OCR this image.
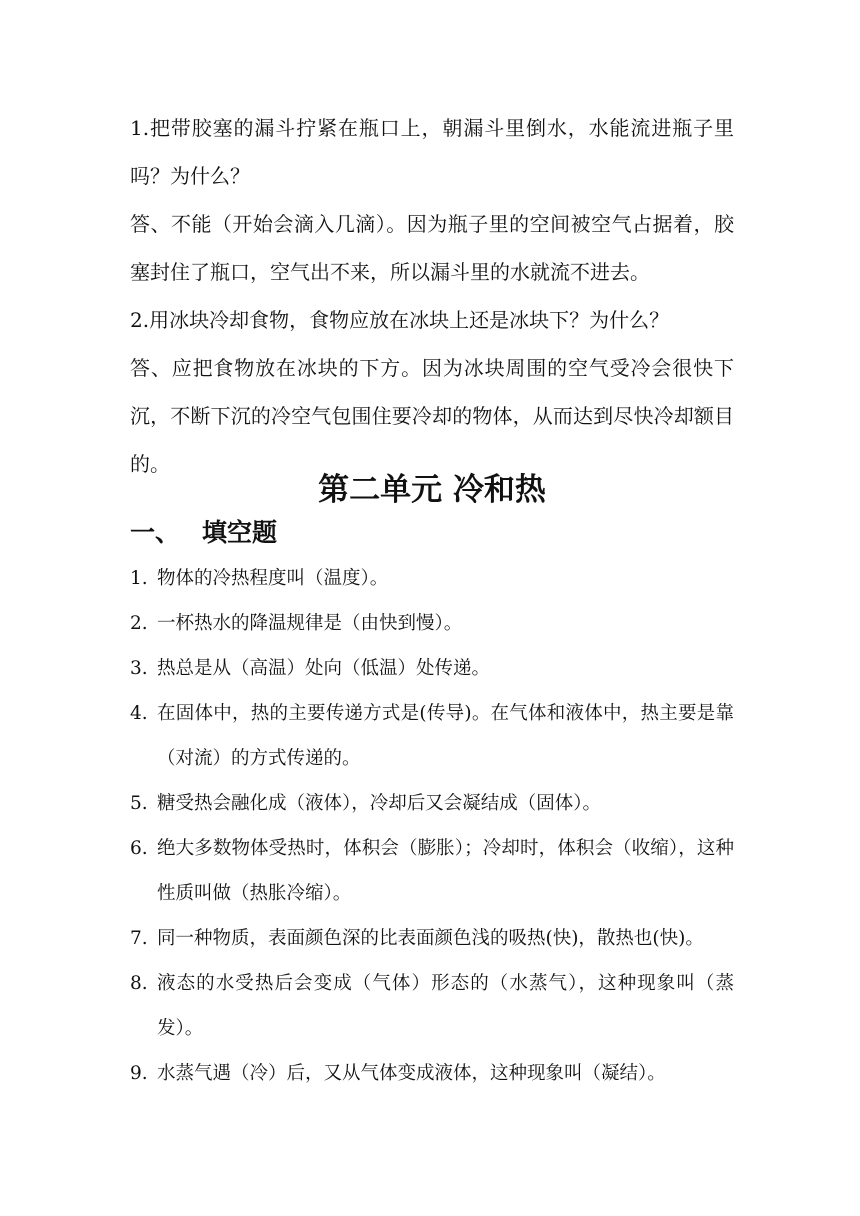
1.把带胶塞的漏斗拧紧在瓶口上，朝漏斗里倒水，水能流进瓶子里吗？为什么？

答、不能（开始会滴入几滴）。因为瓶子里的空间被空气占据着，胶塞封住了瓶口，空气出不来，所以漏斗里的水就流不进去。

2.用冰块冷却食物，食物应放在冰块上还是冰块下？为什么？

答、应把食物放在冰块的下方。因为冰块周围的空气受冷会很快下沉，不断下沉的冷空气包围住要冷却的物体，从而达到尽快冷却额目的。

第二单元 冷和热
一、 填空题
1. 物体的冷热程度叫（温度）。
2. 一杯热水的降温规律是（由快到慢）。
3. 热总是从（高温）处向（低温）处传递。
4. 在固体中，热的主要传递方式是(传导)。在气体和液体中，热主要是靠（对流）的方式传递的。
5. 糖受热会融化成（液体），冷却后又会凝结成（固体）。
6. 绝大多数物体受热时，体积会（膨胀）；冷却时，体积会（收缩），这种性质叫做（热胀冷缩）。
7. 同一种物质，表面颜色深的比表面颜色浅的吸热(快)，散热也(快)。
8. 液态的水受热后会变成（气体）形态的（水蒸气），这种现象叫（蒸发）。
9. 水蒸气遇（冷）后，又从气体变成液体，这种现象叫（凝结）。
